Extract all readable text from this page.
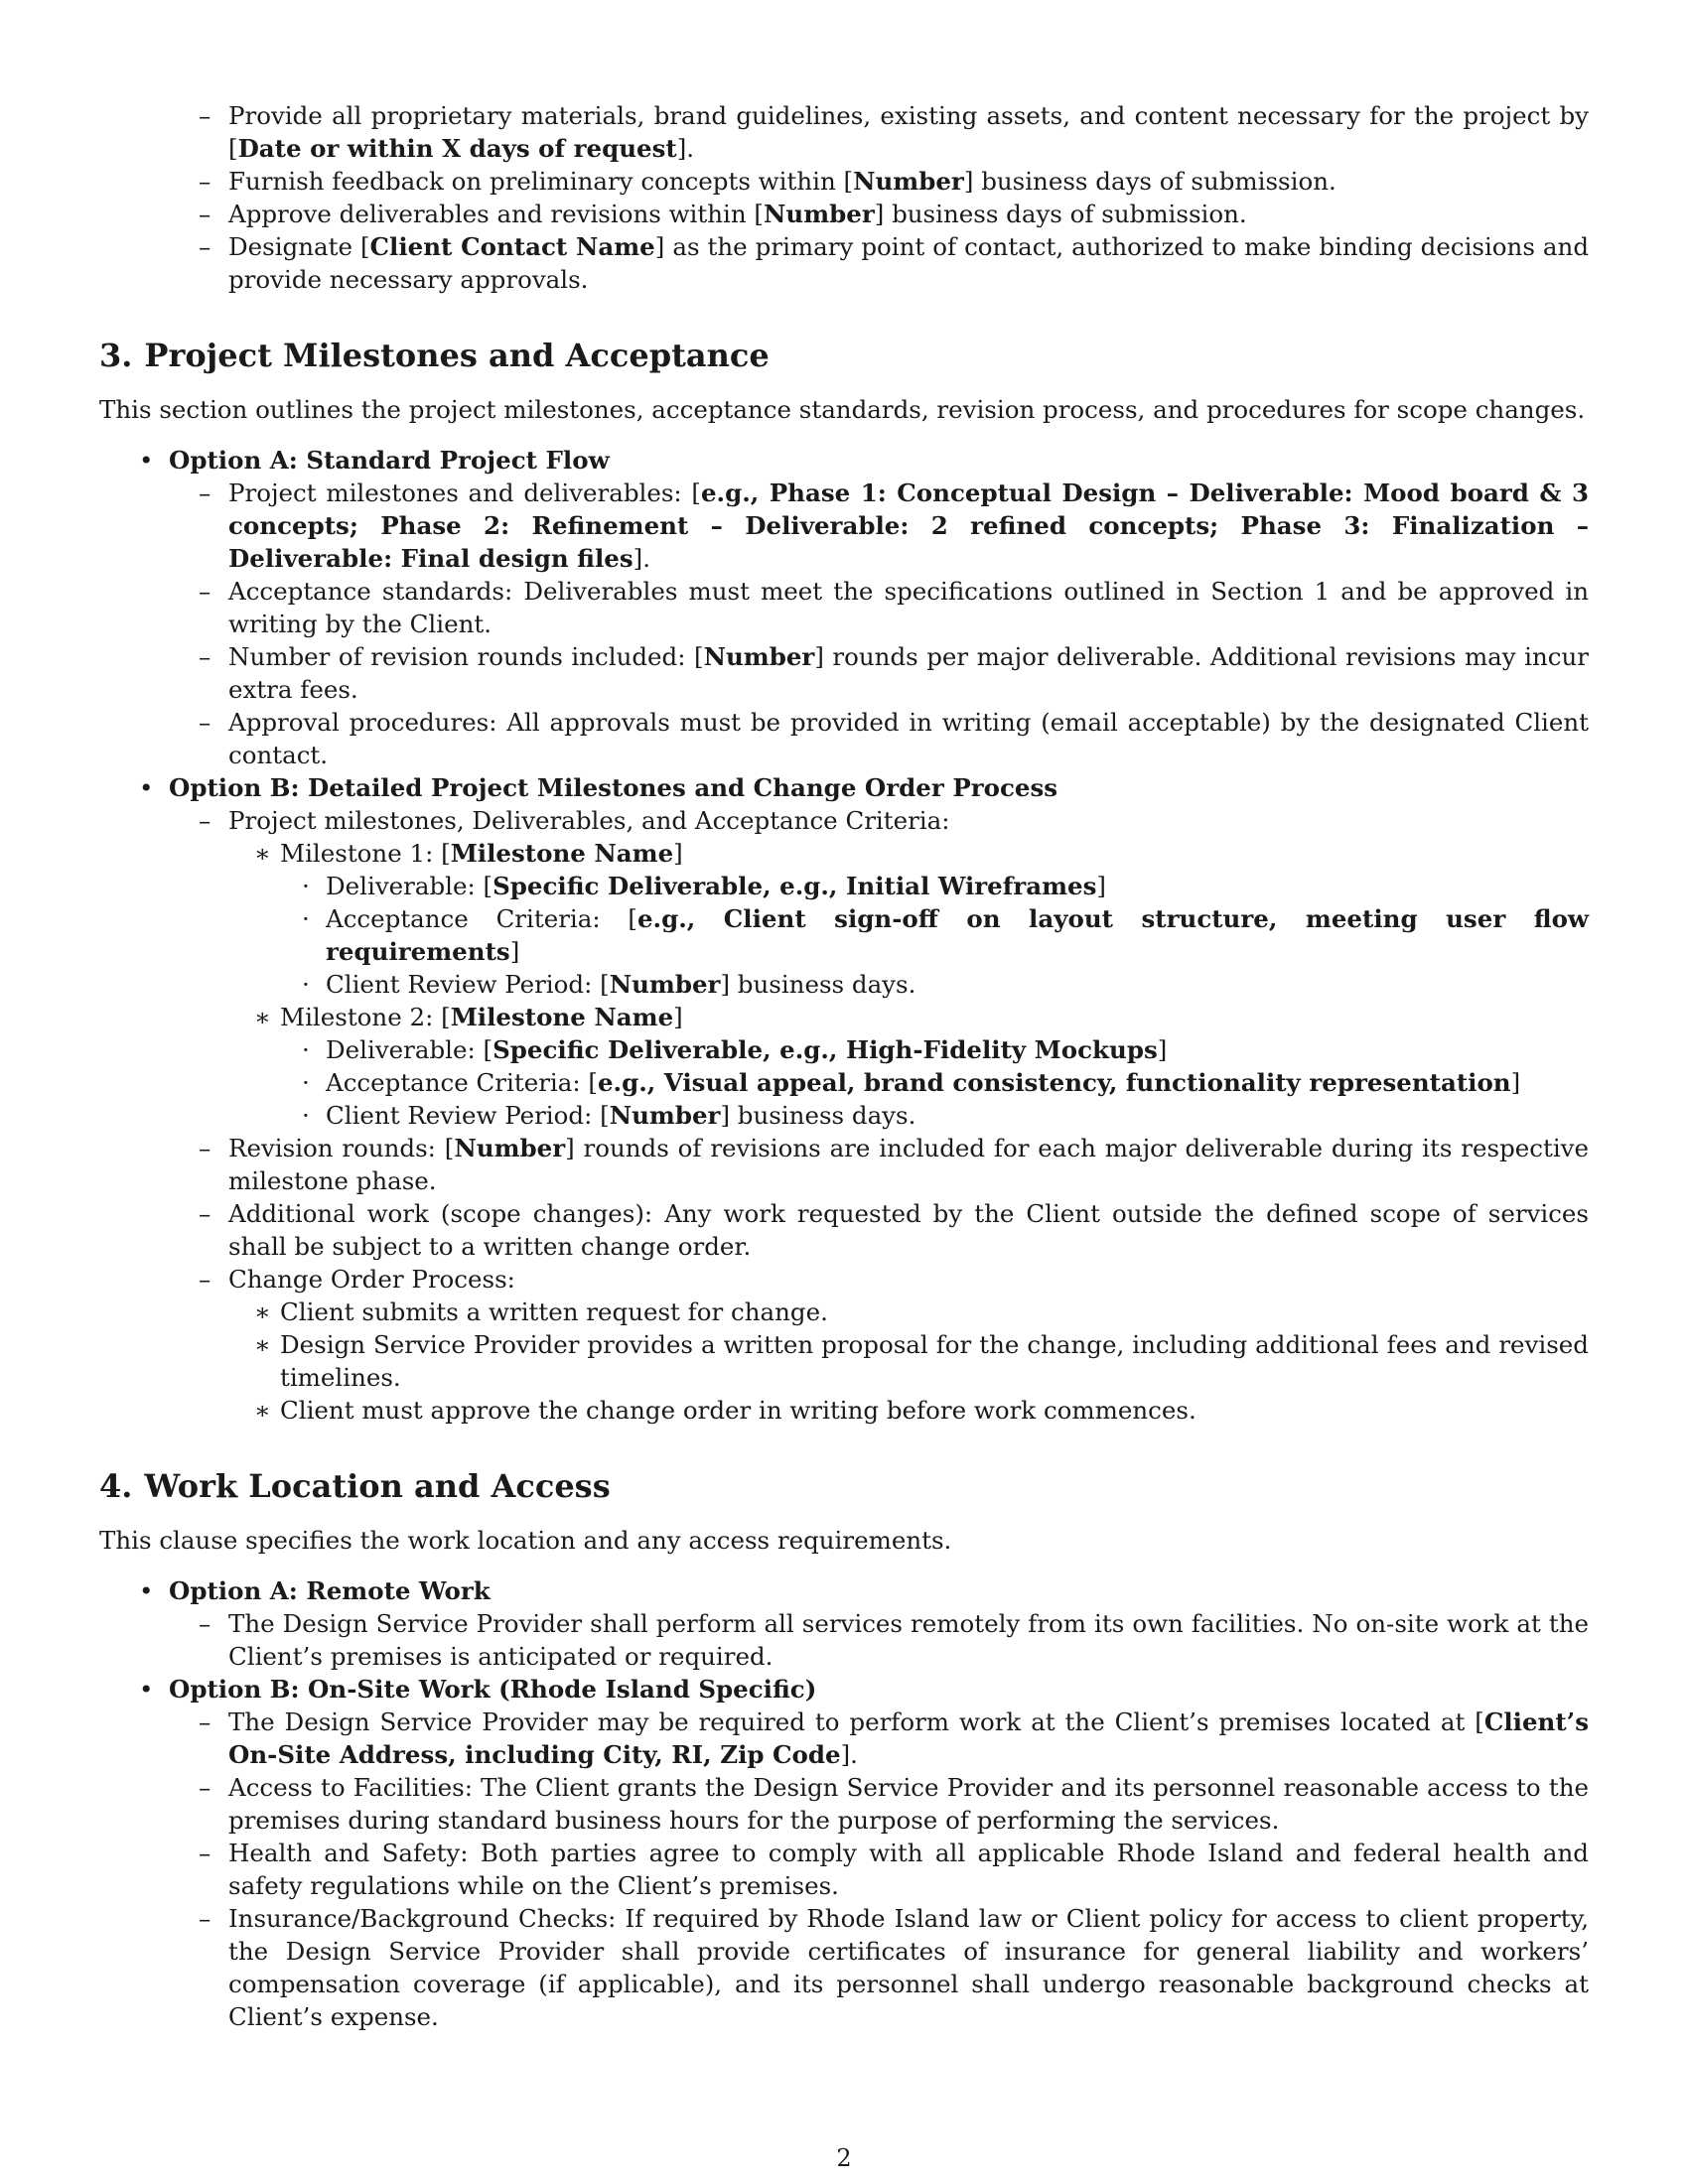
– Provide all proprietary materials, brand guidelines, existing assets, and content necessary for the project by [Date or within X days of request].
– Furnish feedback on preliminary concepts within [Number] business days of submission.
– Approve deliverables and revisions within [Number] business days of submission.
– Designate [Client Contact Name] as the primary point of contact, authorized to make binding decisions and provide necessary approvals.
3. Project Milestones and Acceptance

This section outlines the project milestones, acceptance standards, revision process, and procedures for scope changes.

• Option A: Standard Project Flow
– Project milestones and deliverables: [e.g., Phase 1: Conceptual Design – Deliverable: Mood board & 3 concepts; Phase 2: Refinement – Deliverable: 2 refined concepts; Phase 3: Finalization – Deliverable: Final design files].
– Acceptance standards: Deliverables must meet the specifications outlined in Section 1 and be approved in writing by the Client.
– Number of revision rounds included: [Number] rounds per major deliverable. Additional revisions may incur extra fees.
– Approval procedures: All approvals must be provided in writing (email acceptable) by the designated Client contact.
• Option B: Detailed Project Milestones and Change Order Process
– Project milestones, Deliverables, and Acceptance Criteria:
∗ Milestone 1: [Milestone Name]
· Deliverable: [Specific Deliverable, e.g., Initial Wireframes]
· Acceptance Criteria: [e.g., Client sign-off on layout structure, meeting user flow requirements]
· Client Review Period: [Number] business days.
∗ Milestone 2: [Milestone Name]
· Deliverable: [Specific Deliverable, e.g., High-Fidelity Mockups]
· Acceptance Criteria: [e.g., Visual appeal, brand consistency, functionality representation]
· Client Review Period: [Number] business days.
– Revision rounds: [Number] rounds of revisions are included for each major deliverable during its respective milestone phase.
– Additional work (scope changes): Any work requested by the Client outside the defined scope of services shall be subject to a written change order.
– Change Order Process:
∗ Client submits a written request for change.
∗ Design Service Provider provides a written proposal for the change, including additional fees and revised timelines.
∗ Client must approve the change order in writing before work commences.
4. Work Location and Access

This clause specifies the work location and any access requirements.

• Option A: Remote Work
– The Design Service Provider shall perform all services remotely from its own facilities. No on-site work at the Client’s premises is anticipated or required.
• Option B: On-Site Work (Rhode Island Specific)
– The Design Service Provider may be required to perform work at the Client’s premises located at [Client’s On-Site Address, including City, RI, Zip Code].
– Access to Facilities: The Client grants the Design Service Provider and its personnel reasonable access to the premises during standard business hours for the purpose of performing the services.
– Health and Safety: Both parties agree to comply with all applicable Rhode Island and federal health and safety regulations while on the Client’s premises.
– Insurance/Background Checks: If required by Rhode Island law or Client policy for access to client property, the Design Service Provider shall provide certificates of insurance for general liability and workers’ compensation coverage (if applicable), and its personnel shall undergo reasonable background checks at Client’s expense.
2
